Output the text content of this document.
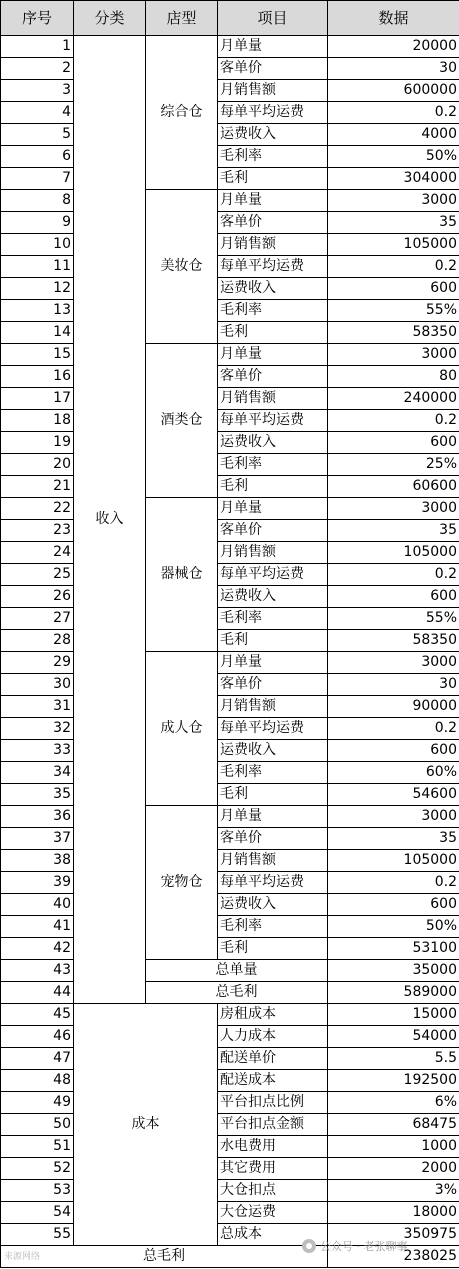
序号	分类	店型	项目	数据
1	收入	综合仓	月单量	20000
2			客单价	30
3			月销售额	600000
4			每单平均运费	0.2
5			运费收入	4000
6			毛利率	50%
7			毛利	304000
8		美妆仓	月单量	3000
9			客单价	35
10			月销售额	105000
11			每单平均运费	0.2
12			运费收入	600
13			毛利率	55%
14			毛利	58350
15		酒类仓	月单量	3000
16			客单价	80
17			月销售额	240000
18			每单平均运费	0.2
19			运费收入	600
20			毛利率	25%
21			毛利	60600
22		器械仓	月单量	3000
23			客单价	35
24			月销售额	105000
25			每单平均运费	0.2
26			运费收入	600
27			毛利率	55%
28			毛利	58350
29		成人仓	月单量	3000
30			客单价	30
31			月销售额	90000
32			每单平均运费	0.2
33			运费收入	600
34			毛利率	60%
35			毛利	54600
36		宠物仓	月单量	3000
37			客单价	35
38			月销售额	105000
39			每单平均运费	0.2
40			运费收入	600
41			毛利率	50%
42			毛利	53100
43		总单量		35000
44		总毛利		589000
45	成本		房租成本	15000
46			人力成本	54000
47			配送单价	5.5
48			配送成本	192500
49			平台扣点比例	6%
50			平台扣点金额	68475
51			水电费用	1000
52			其它费用	2000
53			大仓扣点	3%
54			大仓运费	18000
55			总成本	350975
总毛利				238025
来源网络
公众号 · 老张聊事
